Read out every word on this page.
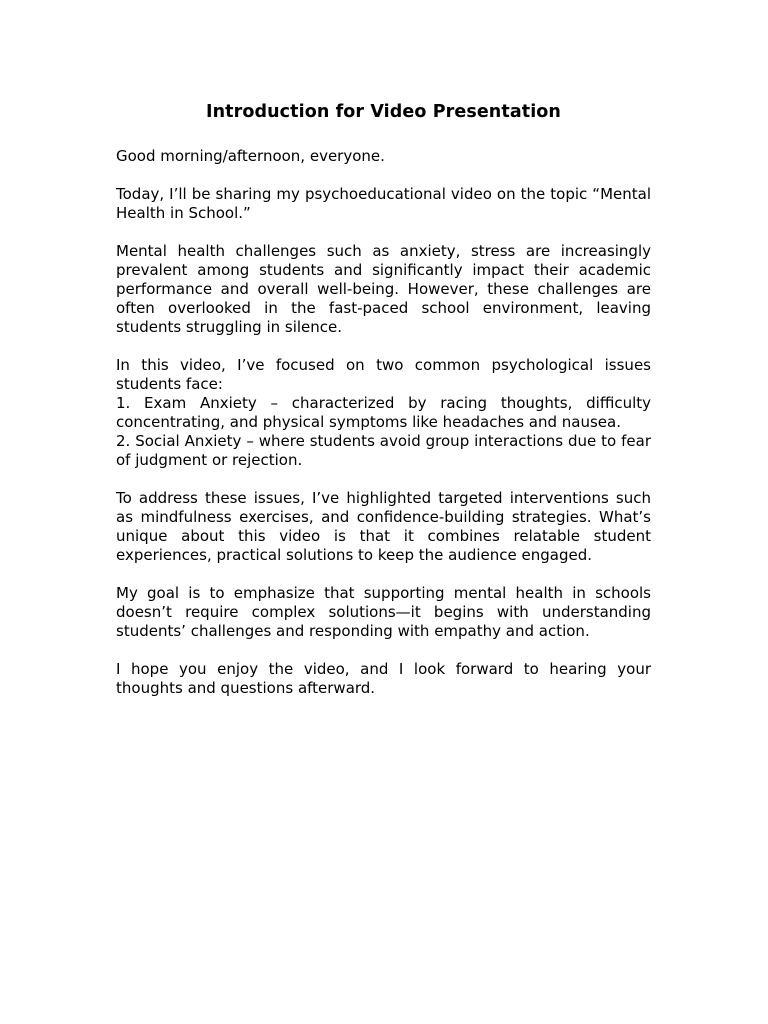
Introduction for Video Presentation

Good morning/afternoon, everyone.

Today, I’ll be sharing my psychoeducational video on the topic “Mental Health in School.”

Mental health challenges such as anxiety, stress are increasingly prevalent among students and significantly impact their academic performance and overall well-being. However, these challenges are often overlooked in the fast-paced school environment, leaving students struggling in silence.

In this video, I’ve focused on two common psychological issues students face:
1. Exam Anxiety – characterized by racing thoughts, difficulty concentrating, and physical symptoms like headaches and nausea.
2. Social Anxiety – where students avoid group interactions due to fear of judgment or rejection.

To address these issues, I’ve highlighted targeted interventions such as mindfulness exercises, and confidence-building strategies. What’s unique about this video is that it combines relatable student experiences, practical solutions to keep the audience engaged.

My goal is to emphasize that supporting mental health in schools doesn’t require complex solutions—it begins with understanding students’ challenges and responding with empathy and action.

I hope you enjoy the video, and I look forward to hearing your thoughts and questions afterward.
